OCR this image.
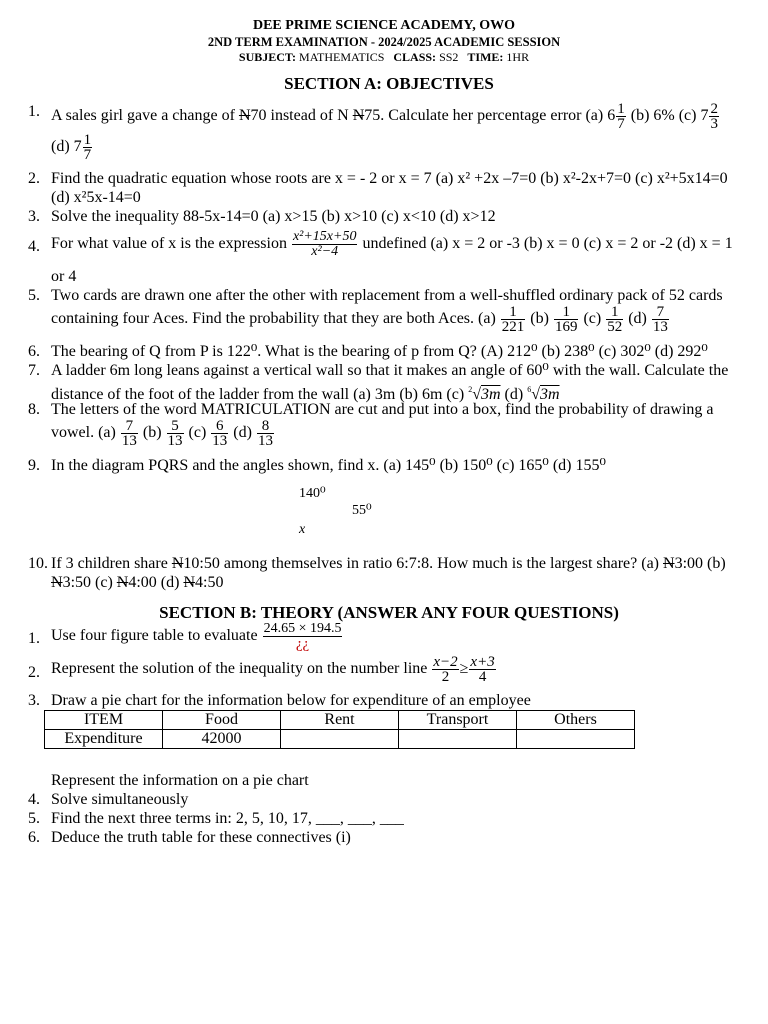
DEE PRIME SCIENCE ACADEMY, OWO
2ND TERM EXAMINATION - 2024/2025 ACADEMIC SESSION
SUBJECT: MATHEMATICS CLASS: SS2 TIME: 1HR
SECTION A: OBJECTIVES
1. A sales girl gave a change of N70 instead of N N75. Calculate her percentage error (a) $6 \frac{1}{7} (b)$ 6% (c) $7 \frac{2}{3}$
(d) $7 \frac{1}{7}$
2. Find the quadratic equation whose roots are x = - 2 or x = 7 (a) x² +2x –7=0 (b) x²-2x+7=0 (c) x²+5x14=0
(d) x²5x-14=0
3. Solve the inequality 88-5x-14=0 (a) x>15 (b) x>10 (c) x<10 (d) x>12
4. For what value of x is the expression $\frac{\text{x²+15x+50}}{\text{x²−4}}$ undefined (a) x = 2 or -3 (b) x = 0 (c) x = 2 or -2 (d) x = 1
or 4
5. Two cards are drawn one after the other with replacement from a well-shuffled ordinary pack of 52 cards
containing four Aces. Find the probability that they are both Aces. $(a) \frac{1}{221} (b) \frac{1}{169} (c) \frac{1}{52} (d) \frac{7}{13}$
6. The bearing of Q from P is 122⁰. What is the bearing of p from Q? (A) 212⁰ (b) 238⁰ (c) 302⁰ (d) 292⁰
7. A ladder 6m long leans against a vertical wall so that it makes an angle of 60⁰ with the wall. Calculate the
distance of the foot of the ladder from the wall (a) 3m (b) 6m (c) $^2$√3m (d) $^6$√3m
8. The letters of the word MATRICULATION are cut and put into a box, find the probability of drawing a
vowel. $(a) \frac{7}{13} (b) \frac{5}{13} (c) \frac{6}{13} (d) \frac{8}{13}$
9. In the diagram PQRS and the angles shown, find x. (a) 145⁰ (b) 150⁰ (c) 165⁰ (d) 155⁰
140⁰
55⁰
x
10. If 3 children share N10:50 among themselves in ratio 6:7:8. How much is the largest share? (a) N3:00 (b)
N3:50 (c) N4:00 (d) N4:50
SECTION B: THEORY (ANSWER ANY FOUR QUESTIONS)
1. Use four figure table to evaluate $\frac{24.65 \times 194.5}{¿¿}$
2. Represent the solution of the inequality on the number line $\frac{x-2}{2} \ge \frac{x+3}{4}$
3. Draw a pie chart for the information below for expenditure of an employee
ITEM	Food	Rent	Transport	Others
Expenditure	42000			
Represent the information on a pie chart
4. Solve simultaneously
5. Find the next three terms in: 2, 5, 10, 17, ___, ___, ___
6. Deduce the truth table for these connectives (i)
